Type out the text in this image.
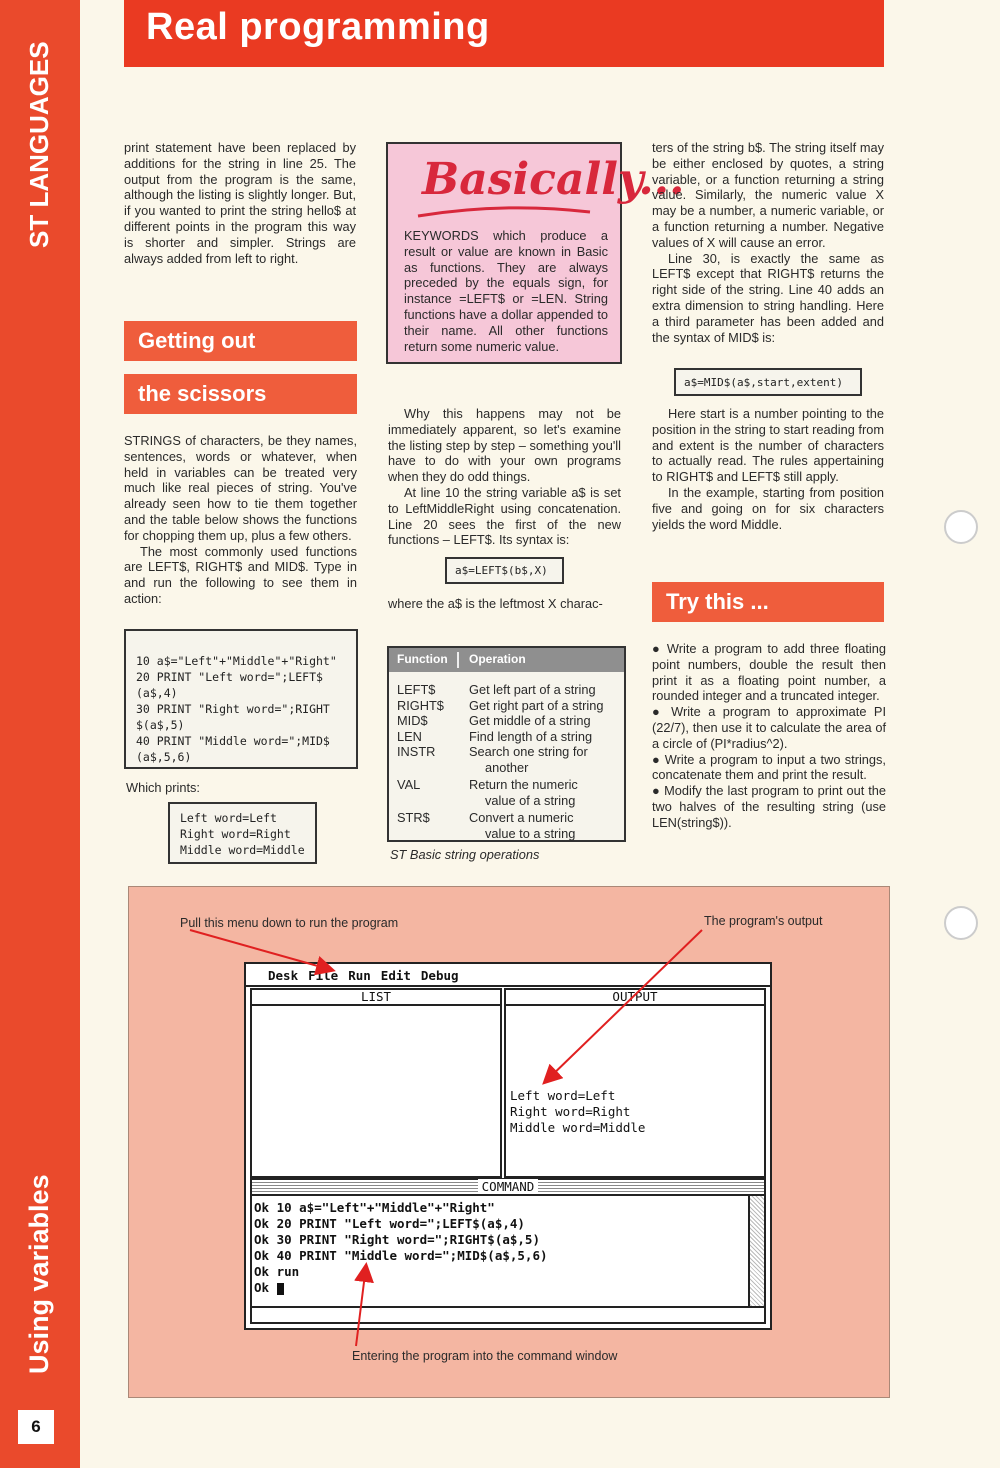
ST LANGUAGES
Using variables
6
Real programming
print statement have been replaced by additions for the string in line 25. The output from the program is the same, although the listing is slightly longer. But, if you wanted to print the string hello$ at different points in the program this way is shorter and simpler. Strings are always added from left to right.
Getting out
the scissors

STRINGS of characters, be they names, sentences, words or whatever, when held in variables can be treated very much like real pieces of string. You've already seen how to tie them together and the table below shows the functions for chopping them up, plus a few others.

The most commonly used functions are LEFT$, RIGHT$ and MID$. Type in and run the following to see them in action:

10 a$="Left"+"Middle"+"Right"
20 PRINT "Left word=";LEFT$
(a$,4)
30 PRINT "Right word=";RIGHT
$(a$,5)
40 PRINT "Middle word=";MID$
(a$,5,6)
Which prints:
Left word=Left
Right word=Right
Middle word=Middle
Basically...
KEYWORDS which produce a result or value are known in Basic as functions. They are always preceded by the equals sign, for instance =LEFT$ or =LEN. String functions have a dollar appended to their name. All other functions return some numeric value.

Why this happens may not be immediately apparent, so let's examine the listing step by step – something you'll have to do with your own programs when they do odd things.

At line 10 the string variable a$ is set to LeftMiddleRight using concatenation. Line 20 sees the first of the new functions – LEFT$. Its syntax is:

a$=LEFT$(b$,X)
where the a$ is the leftmost X charac-
Function	Operation
LEFT$	Get left part of a string
RIGHT$	Get right part of a string
MID$	Get middle of a string
LEN	Find length of a string
INSTR	Search one string for
another
VAL	Return the numeric
value of a string
STR$	Convert a numeric
value to a string
ST Basic string operations

ters of the string b$. The string itself may be either enclosed by quotes, a string variable, or a function returning a string value. Similarly, the numeric value X may be a number, a numeric variable, or a function returning a number. Negative values of X will cause an error.

Line 30, is exactly the same as LEFT$ except that RIGHT$ returns the right side of the string. Line 40 adds an extra dimension to string handling. Here a third parameter has been added and the syntax of MID$ is:

a$=MID$(a$,start,extent)

Here start is a number pointing to the position in the string to start reading from and extent is the number of characters to actually read. The rules appertaining to RIGHT$ and LEFT$ still apply.

In the example, starting from position five and going on for six characters yields the word Middle.

Try this ...

● Write a program to add three floating point numbers, double the result then print it as a floating point number, a rounded integer and a truncated integer.

● Write a program to approximate PI (22/7), then use it to calculate the area of a circle of (PI*radius^2).

● Write a program to input a two strings, concatenate them and print the result.

● Modify the last program to print out the two halves of the resulting string (use LEN(string$)).

Pull this menu down to run the program	The program's output
Entering the program into the command window
Desk File Run Edit Debug
LIST	OUTPUT
Left word=Left
Right word=Right
Middle word=Middle
COMMAND
Ok 10 a$="Left"+"Middle"+"Right"
Ok 20 PRINT "Left word=";LEFT$(a$,4)
Ok 30 PRINT "Right word=";RIGHT$(a$,5)
Ok 40 PRINT "Middle word=";MID$(a$,5,6)
Ok run
Ok
